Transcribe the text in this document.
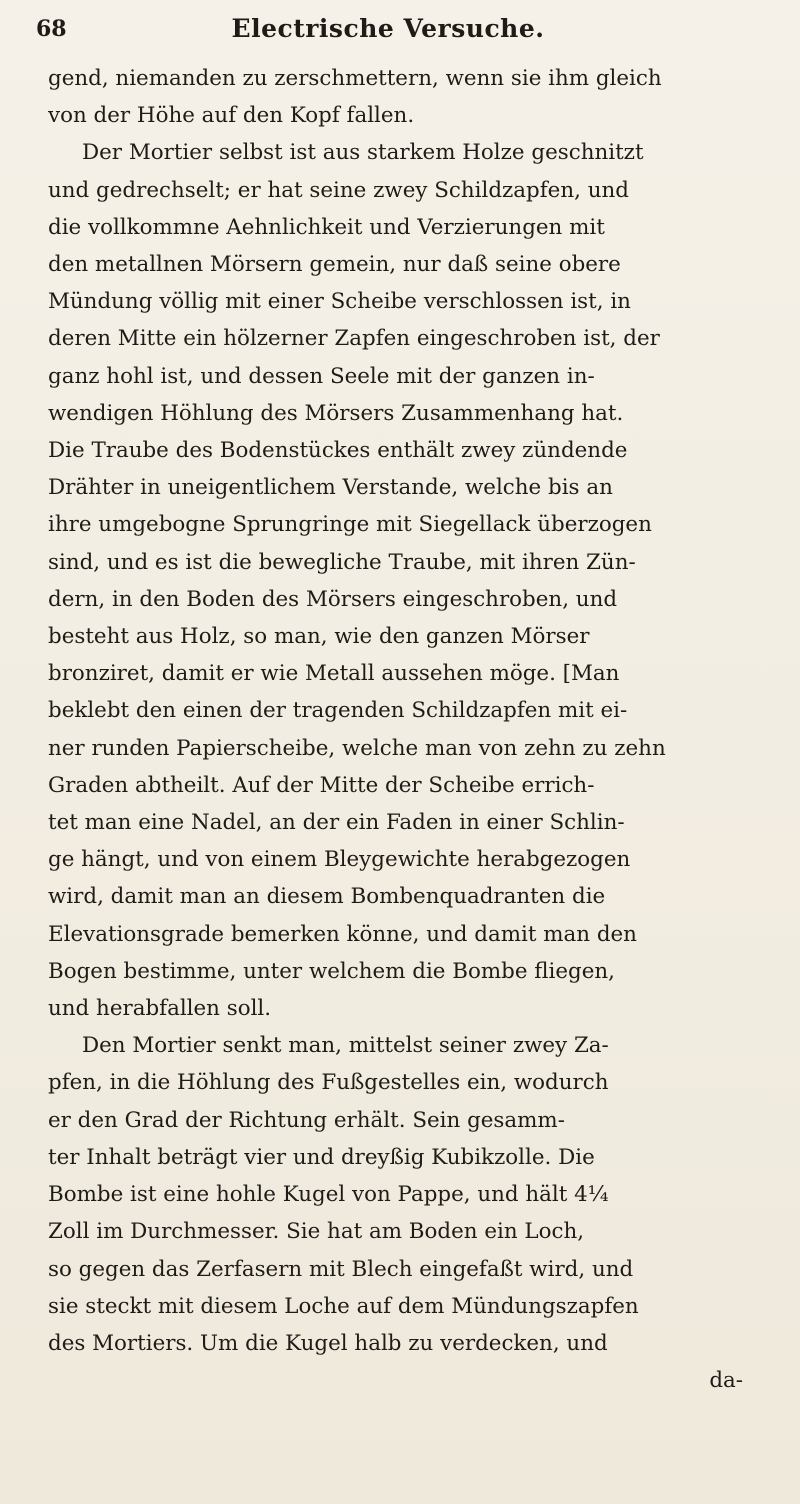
68	Electrische Versuche.
gend, niemanden zu zerschmettern, wenn sie ihm gleich
von der Höhe auf den Kopf fallen.
Der Mortier selbst ist aus starkem Holze geschnitzt
und gedrechselt; er hat seine zwey Schildzapfen, und
die vollkommne Aehnlichkeit und Verzierungen mit
den metallnen Mörsern gemein, nur daß seine obere
Mündung völlig mit einer Scheibe verschlossen ist, in
deren Mitte ein hölzerner Zapfen eingeschroben ist, der
ganz hohl ist, und dessen Seele mit der ganzen in-
wendigen Höhlung des Mörsers Zusammenhang hat.
Die Traube des Bodenstückes enthält zwey zündende
Drähter in uneigentlichem Verstande, welche bis an
ihre umgebogne Sprungringe mit Siegellack überzogen
sind, und es ist die bewegliche Traube, mit ihren Zün-
dern, in den Boden des Mörsers eingeschroben, und
besteht aus Holz, so man, wie den ganzen Mörser
bronziret, damit er wie Metall aussehen möge. [Man
beklebt den einen der tragenden Schildzapfen mit ei-
ner runden Papierscheibe, welche man von zehn zu zehn
Graden abtheilt. Auf der Mitte der Scheibe errich-
tet man eine Nadel, an der ein Faden in einer Schlin-
ge hängt, und von einem Bleygewichte herabgezogen
wird, damit man an diesem Bombenquadranten die
Elevationsgrade bemerken könne, und damit man den
Bogen bestimme, unter welchem die Bombe fliegen,
und herabfallen soll.
Den Mortier senkt man, mittelst seiner zwey Za-
pfen, in die Höhlung des Fußgestelles ein, wodurch
er den Grad der Richtung erhält. Sein gesamm-
ter Inhalt beträgt vier und dreyßig Kubikzolle. Die
Bombe ist eine hohle Kugel von Pappe, und hält 4¼
Zoll im Durchmesser. Sie hat am Boden ein Loch,
so gegen das Zerfasern mit Blech eingefaßt wird, und
sie steckt mit diesem Loche auf dem Mündungszapfen
des Mortiers. Um die Kugel halb zu verdecken, und
da-
